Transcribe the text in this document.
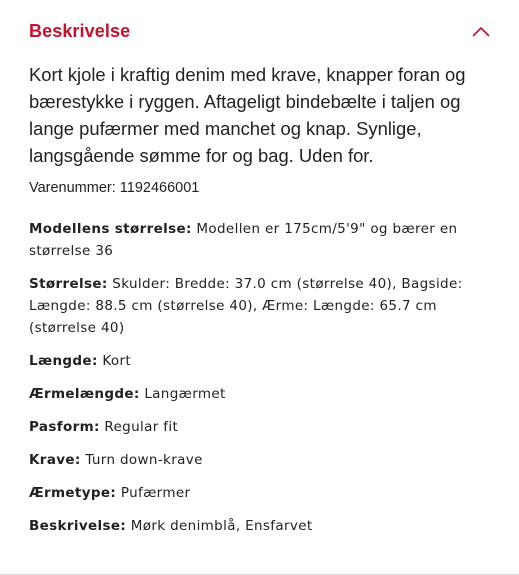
Beskrivelse

Kort kjole i kraftig denim med krave, knapper foran og bærestykke i ryggen. Aftageligt bindebælte i taljen og lange pufærmer med manchet og knap. Synlige, langsgående sømme for og bag. Uden for.

Varenummer: 1192466001

Modellens størrelse: Modellen er 175cm/5'9" og bærer en størrelse 36
Størrelse: Skulder: Bredde: 37.0 cm (størrelse 40), Bagside: Længde: 88.5 cm (størrelse 40), Ærme: Længde: 65.7 cm (størrelse 40)
Længde: Kort
Ærmelængde: Langærmet
Pasform: Regular fit
Krave: Turn down-krave
Ærmetype: Pufærmer
Beskrivelse: Mørk denimblå, Ensfarvet
